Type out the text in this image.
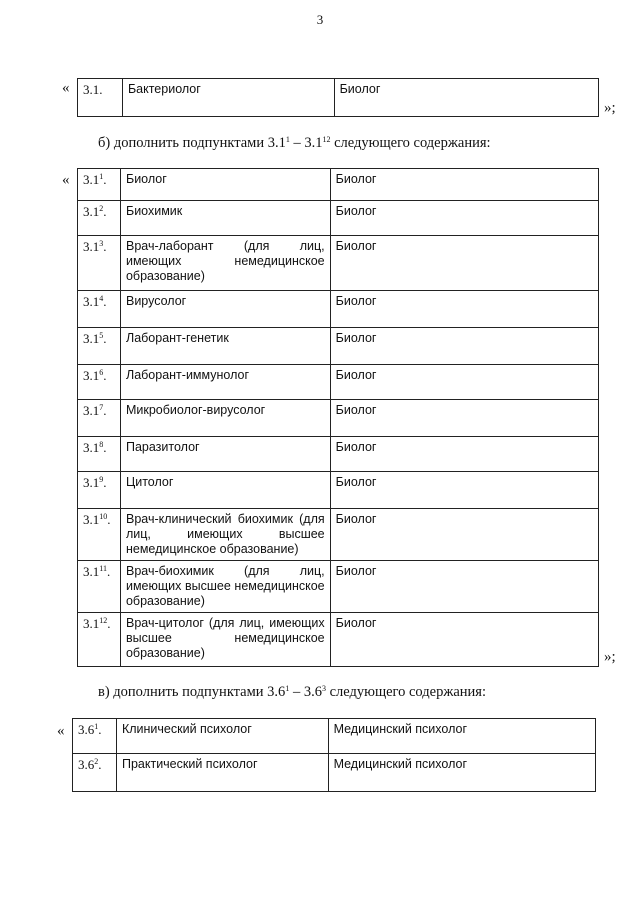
3
« 3.1.	Бактериолог	Биолог
»;
б) дополнить подпунктами $3.1^1 - 3.1^{12}$ следующего содержания:
« $3.1^1$.	Биолог	Биолог
$3.1^2$.	Биохимик	Биолог
$3.1^3$.	Врач-лаборант (для лиц, имеющих немедицинское образование)	Биолог
$3.1^4$.	Вирусолог	Биолог
$3.1^5$.	Лаборант-генетик	Биолог
$3.1^6$.	Лаборант-иммунолог	Биолог
$3.1^7$.	Микробиолог-вирусолог	Биолог
$3.1^8$.	Паразитолог	Биолог
$3.1^9$.	Цитолог	Биолог
$3.1^{10}$.	Врач-клинический биохимик (для лиц, имеющих высшее немедицинское образование)	Биолог
$3.1^{11}$.	Врач-биохимик (для лиц, имеющих высшее немедицинское образование)	Биолог
$3.1^{12}$.	Врач-цитолог (для лиц, имеющих высшее немедицинское образование)	Биолог
»;
в) дополнить подпунктами $3.6^1 - 3.6^3$ следующего содержания:
« $3.6^1$.	Клинический психолог	Медицинский психолог
$3.6^2$.	Практический психолог	Медицинский психолог
